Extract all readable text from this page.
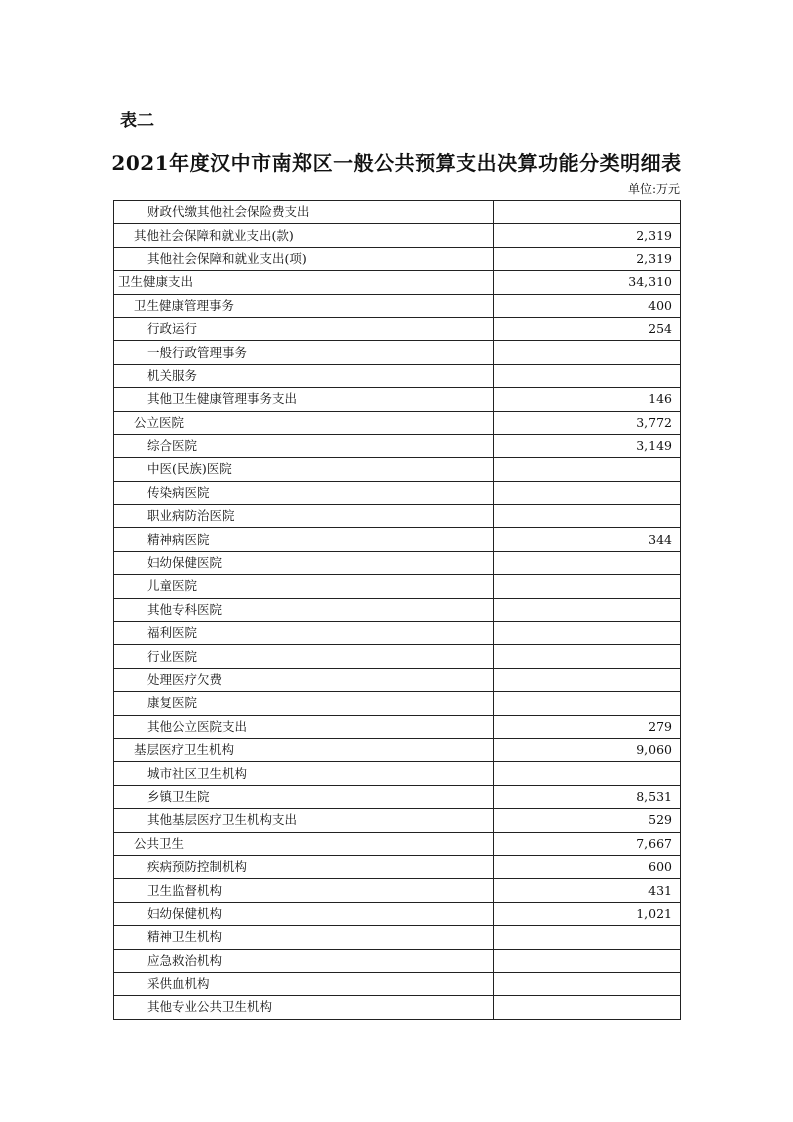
表二
2021年度汉中市南郑区一般公共预算支出决算功能分类明细表
单位:万元
财政代缴其他社会保险费支出	
其他社会保障和就业支出(款)	2,319
其他社会保障和就业支出(项)	2,319
卫生健康支出	34,310
卫生健康管理事务	400
行政运行	254
一般行政管理事务	
机关服务	
其他卫生健康管理事务支出	146
公立医院	3,772
综合医院	3,149
中医(民族)医院	
传染病医院	
职业病防治医院	
精神病医院	344
妇幼保健医院	
儿童医院	
其他专科医院	
福利医院	
行业医院	
处理医疗欠费	
康复医院	
其他公立医院支出	279
基层医疗卫生机构	9,060
城市社区卫生机构	
乡镇卫生院	8,531
其他基层医疗卫生机构支出	529
公共卫生	7,667
疾病预防控制机构	600
卫生监督机构	431
妇幼保健机构	1,021
精神卫生机构	
应急救治机构	
采供血机构	
其他专业公共卫生机构	
